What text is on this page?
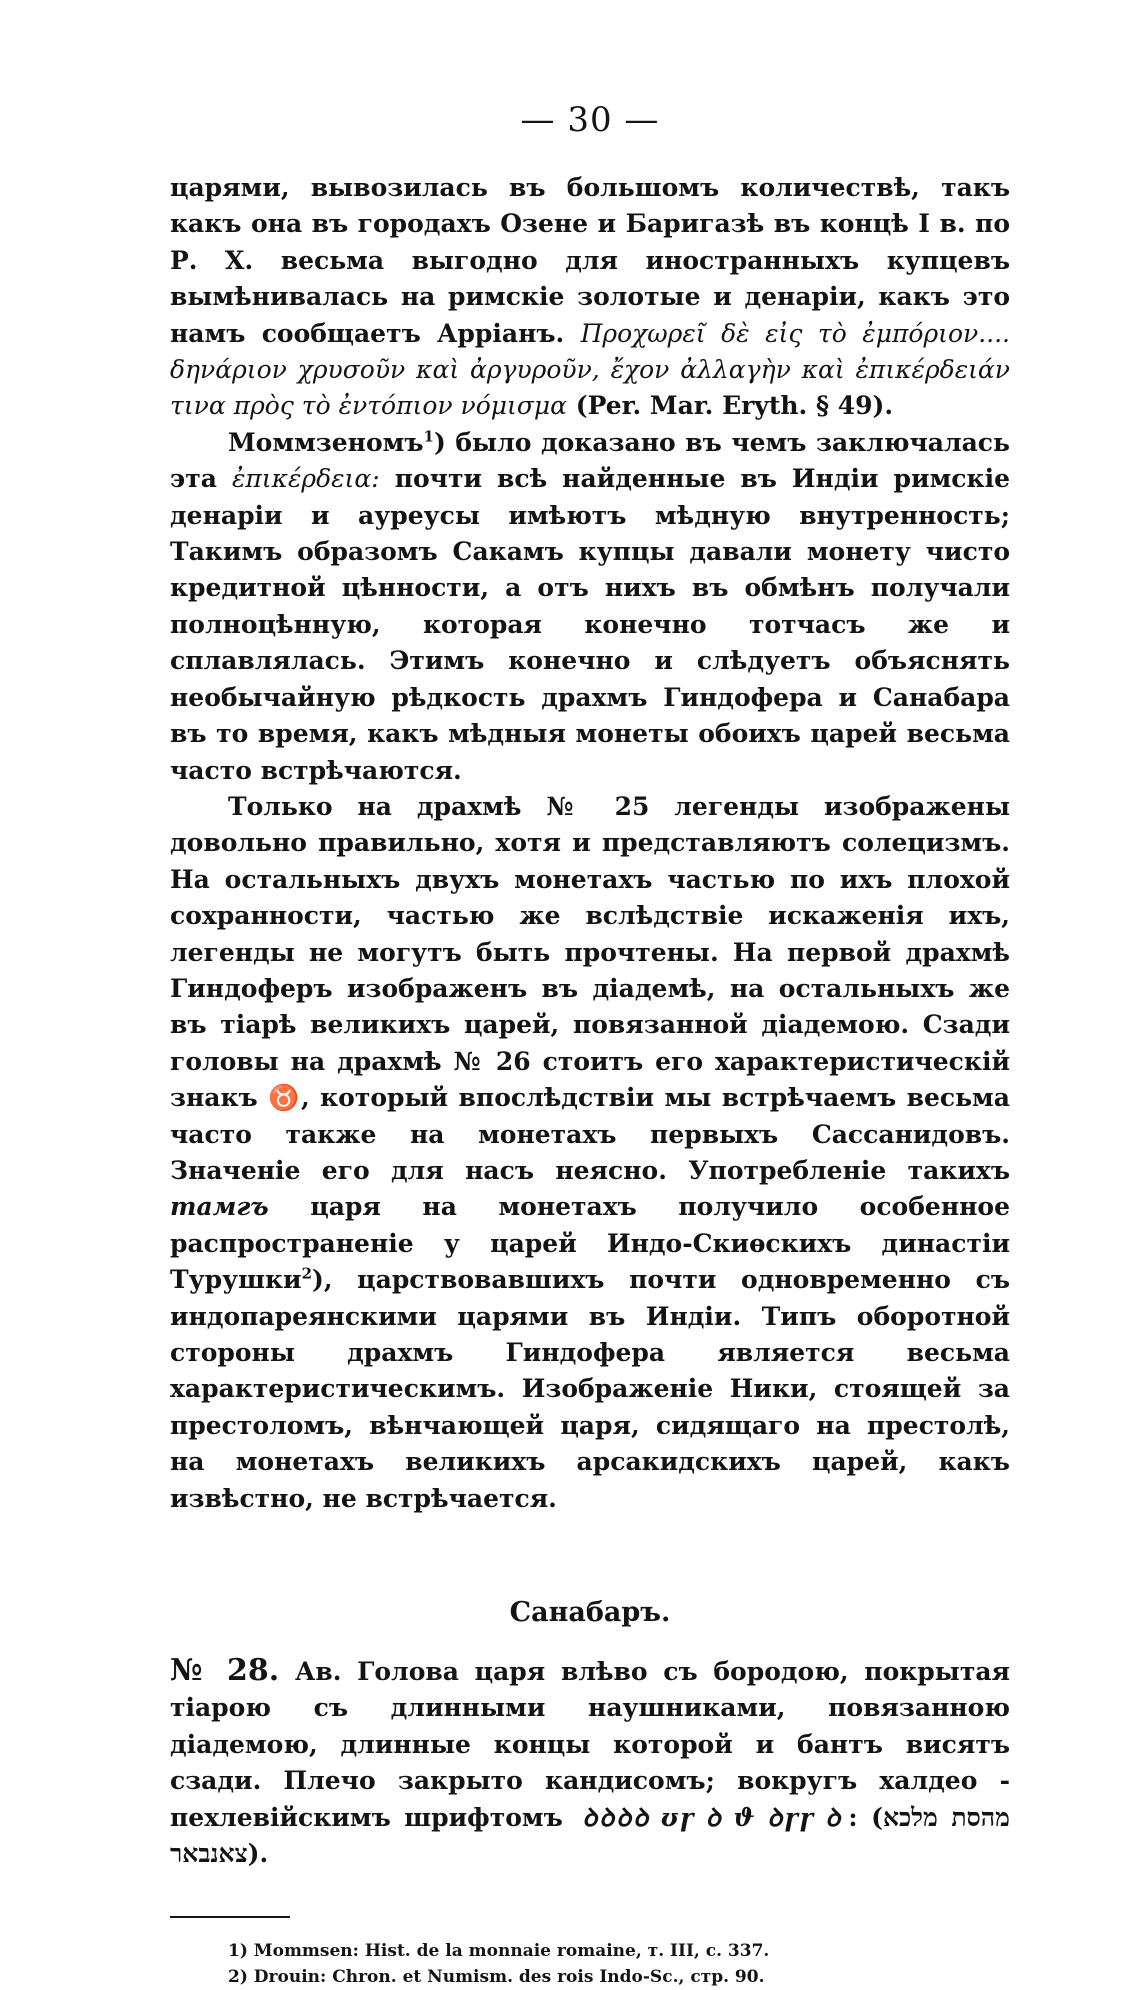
— 30 —

царями, вывозилась въ большомъ количествѣ, такъ какъ она въ городахъ Озене и Баригазѣ въ концѣ I в. по Р. Х. весьма выгодно для иностранныхъ купцевъ вымѣнивалась на римскіе золотые и денаріи, какъ это намъ сообщаетъ Арріанъ. Προχωρεῖ δὲ εἰς τὸ ἐμπόριον.... δηνάριον χρυσοῦν καὶ ἀργυροῦν, ἔχον ἀλλαγὴν καὶ ἐπικέρδειάν τινα πρὸς τὸ ἐντόπιον νόμισμα (Per. Mar. Eryth. § 49).

Моммзеномъ$^1$) было доказано въ чемъ заключалась эта ἐπικέρδεια: почти всѣ найденные въ Индіи римскіе денаріи и ауреусы имѣютъ мѣдную внутренность; Такимъ образомъ Сакамъ купцы давали монету чисто кредитной цѣнности, а отъ нихъ въ обмѣнъ получали полноцѣнную, которая конечно тотчасъ же и сплавлялась. Этимъ конечно и слѣдуетъ объяснять необычайную рѣдкость драхмъ Гиндофера и Санабара въ то время, какъ мѣдныя монеты обоихъ царей весьма часто встрѣчаются.

Только на драхмѣ № 25 легенды изображены довольно правильно, хотя и представляютъ солецизмъ. На остальныхъ двухъ монетахъ частью по ихъ плохой сохранности, частью же вслѣдствіе искаженія ихъ, легенды не могутъ быть прочтены. На первой драхмѣ Гиндоферъ изображенъ въ діадемѣ, на остальныхъ же въ тіарѣ великихъ царей, повязанной діадемою. Сзади головы на драхмѣ № 26 стоитъ его характеристическій знакъ ♉, который впослѣдствіи мы встрѣчаемъ весьма часто также на монетахъ первыхъ Сассанидовъ. Значеніе его для насъ неясно. Употребленіе такихъ тамгъ царя на монетахъ получило особенное распространеніе у царей Индо-Скиѳскихъ династіи Турушки$^2$), царствовавшихъ почти одновременно съ индопареянскими царями въ Индіи. Типъ оборотной стороны драхмъ Гиндофера является весьма характеристическимъ. Изображеніе Ники, стоящей за престоломъ, вѣнчающей царя, сидящаго на престолѣ, на монетахъ великихъ арсакидскихъ царей, какъ извѣстно, не встрѣчается.

Санабаръ.
№ 28. Ав. Голова царя влѣво съ бородою, покрытая тіарою съ длинными наушниками, повязанною діадемою, длинные концы которой и бантъ висятъ сзади. Плечо закрыто кандисомъ; вокругъ халдео - пехлевійскимъ шрифтомъ ꝺꝺꝺꝺ ʊꞅ ꝺ ϑ ꝺꞅꞅ ꝺ : (מהסת מלכא צאנבאר).

1) Mommsen: Hist. de la monnaie romaine, т. III, с. 337.

2) Drouin: Chron. et Numism. des rois Indo-Sc., стр. 90.
